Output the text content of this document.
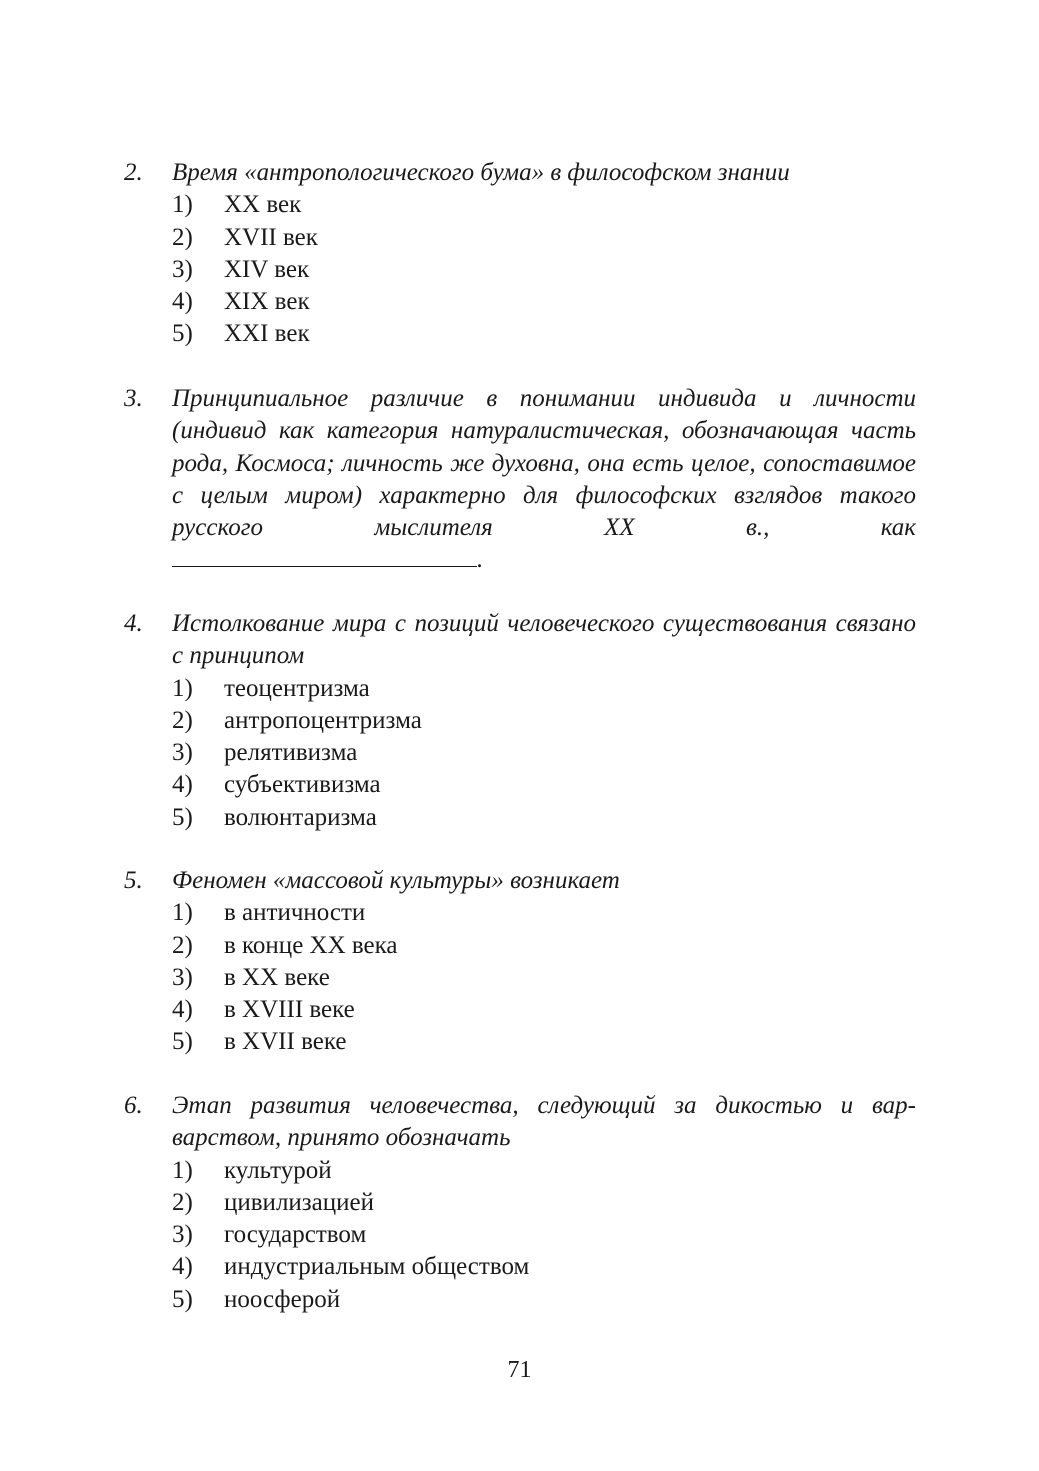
2. Время «антропологического бума» в философском знании
1) XX век
2) XVII век
3) XIV век
4) XIX век
5) XXI век
3. Принципиальное различие в понимании индивида и личности (индивид как категория натуралистическая, обозначающая часть рода, Космоса; личность же духовна, она есть целое, сопоставимое с целым миром) характерно для философских взглядов такого русского мыслителя XX в., как
.
4. Истолкование мира с позиций человеческого существования связано с принципом
1) теоцентризма
2) антропоцентризма
3) релятивизма
4) субъективизма
5) волюнтаризма
5. Феномен «массовой культуры» возникает
1) в античности
2) в конце XX века
3) в XX веке
4) в XVIII веке
5) в XVII веке
6. Этап развития человечества, следующий за дикостью и вар- варством, принято обозначать
1) культурой
2) цивилизацией
3) государством
4) индустриальным обществом
5) ноосферой
71
